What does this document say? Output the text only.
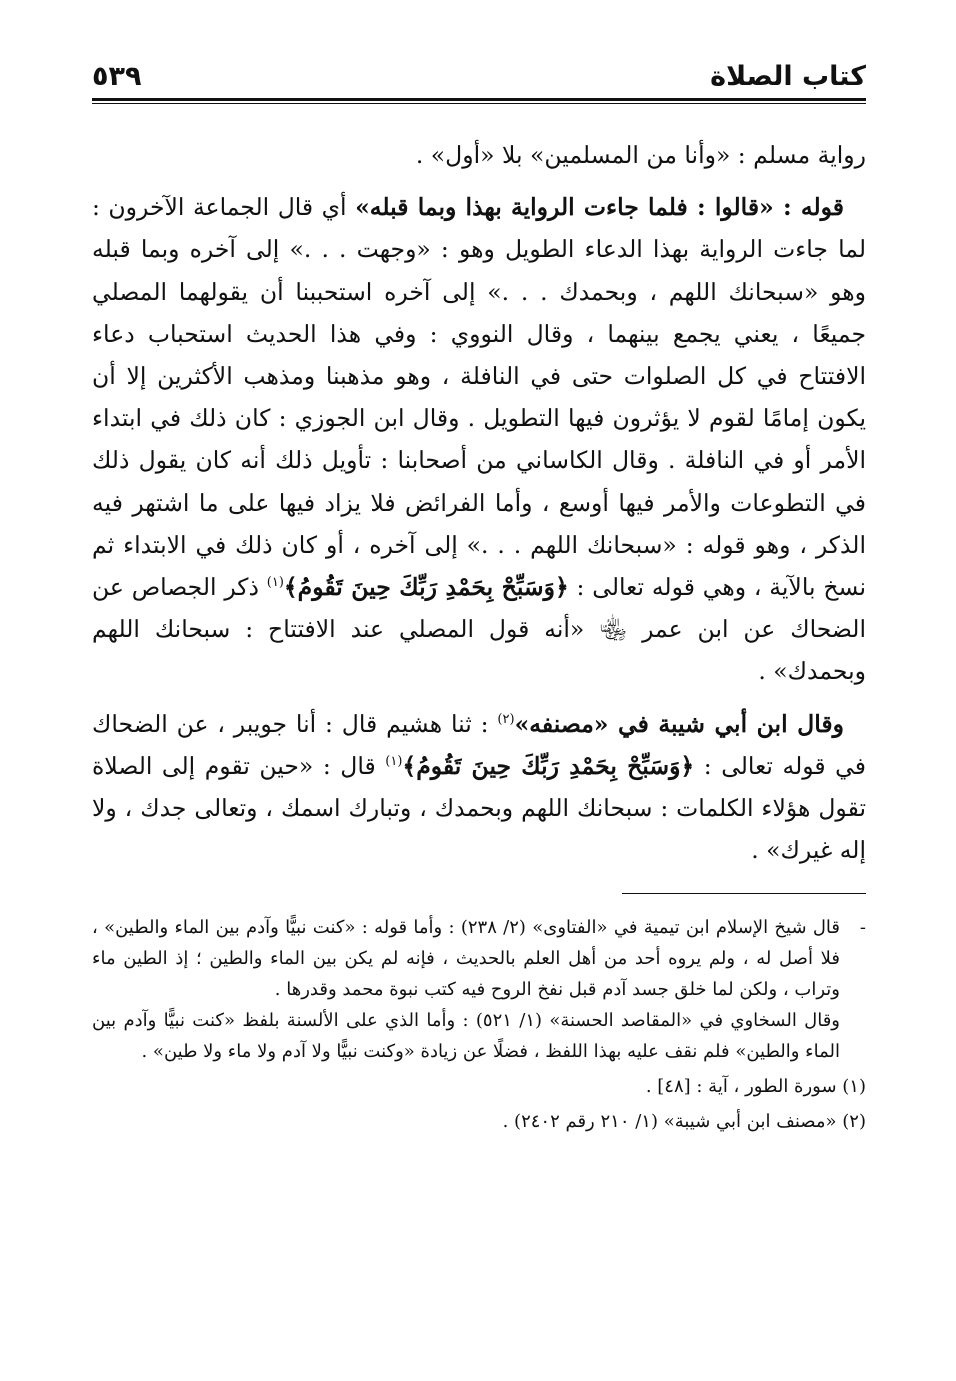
كتاب الصلاة
٥٣٩

رواية مسلم : «وأنا من المسلمين» بلا «أول» .

قوله : «قالوا : فلما جاءت الرواية بهذا وبما قبله» أي قال الجماعة الآخرون : لما جاءت الرواية بهذا الدعاء الطويل وهو : «وجهت . . .» إلى آخره وبما قبله وهو «سبحانك اللهم ، وبحمدك . . .» إلى آخره استحببنا أن يقولهما المصلي جميعًا ، يعني يجمع بينهما ، وقال النووي : وفي هذا الحديث استحباب دعاء الافتتاح في كل الصلوات حتى في النافلة ، وهو مذهبنا ومذهب الأكثرين إلا أن يكون إمامًا لقوم لا يؤثرون فيها التطويل . وقال ابن الجوزي : كان ذلك في ابتداء الأمر أو في النافلة . وقال الكاساني من أصحابنا : تأويل ذلك أنه كان يقول ذلك في التطوعات والأمر فيها أوسع ، وأما الفرائض فلا يزاد فيها على ما اشتهر فيه الذكر ، وهو قوله : «سبحانك اللهم . . .» إلى آخره ، أو كان ذلك في الابتداء ثم نسخ بالآية ، وهي قوله تعالى : ﴿وَسَبِّحْ بِحَمْدِ رَبِّكَ حِينَ تَقُومُ﴾$^{(١)}$ ذكر الجصاص عن الضحاك عن ابن عمر ﵄ «أنه قول المصلي عند الافتتاح : سبحانك اللهم وبحمدك» .

وقال ابن أبي شيبة في «مصنفه»$^{(٢)}$ : ثنا هشيم قال : أنا جويبر ، عن الضحاك في قوله تعالى : ﴿وَسَبِّحْ بِحَمْدِ رَبِّكَ حِينَ تَقُومُ﴾$^{(١)}$ قال : «حين تقوم إلى الصلاة تقول هؤلاء الكلمات : سبحانك اللهم وبحمدك ، وتبارك اسمك ، وتعالى جدك ، ولا إله غيرك» .

-

قال شيخ الإسلام ابن تيمية في «الفتاوى» (٢/ ٢٣٨) : وأما قوله : «كنت نبيًّا وآدم بين الماء والطين» ، فلا أصل له ، ولم يروه أحد من أهل العلم بالحديث ، فإنه لم يكن بين الماء والطين ؛ إذ الطين ماء وتراب ، ولكن لما خلق جسد آدم قبل نفخ الروح فيه كتب نبوة محمد وقدرها .

وقال السخاوي في «المقاصد الحسنة» (١/ ٥٢١) : وأما الذي على الألسنة بلفظ «كنت نبيًّا وآدم بين الماء والطين» فلم نقف عليه بهذا اللفظ ، فضلًا عن زيادة «وكنت نبيًّا ولا آدم ولا ماء ولا طين» .

(١) سورة الطور ، آية : [٤٨] .

(٢) «مصنف ابن أبي شيبة» (١/ ٢١٠ رقم ٢٤٠٢) .
